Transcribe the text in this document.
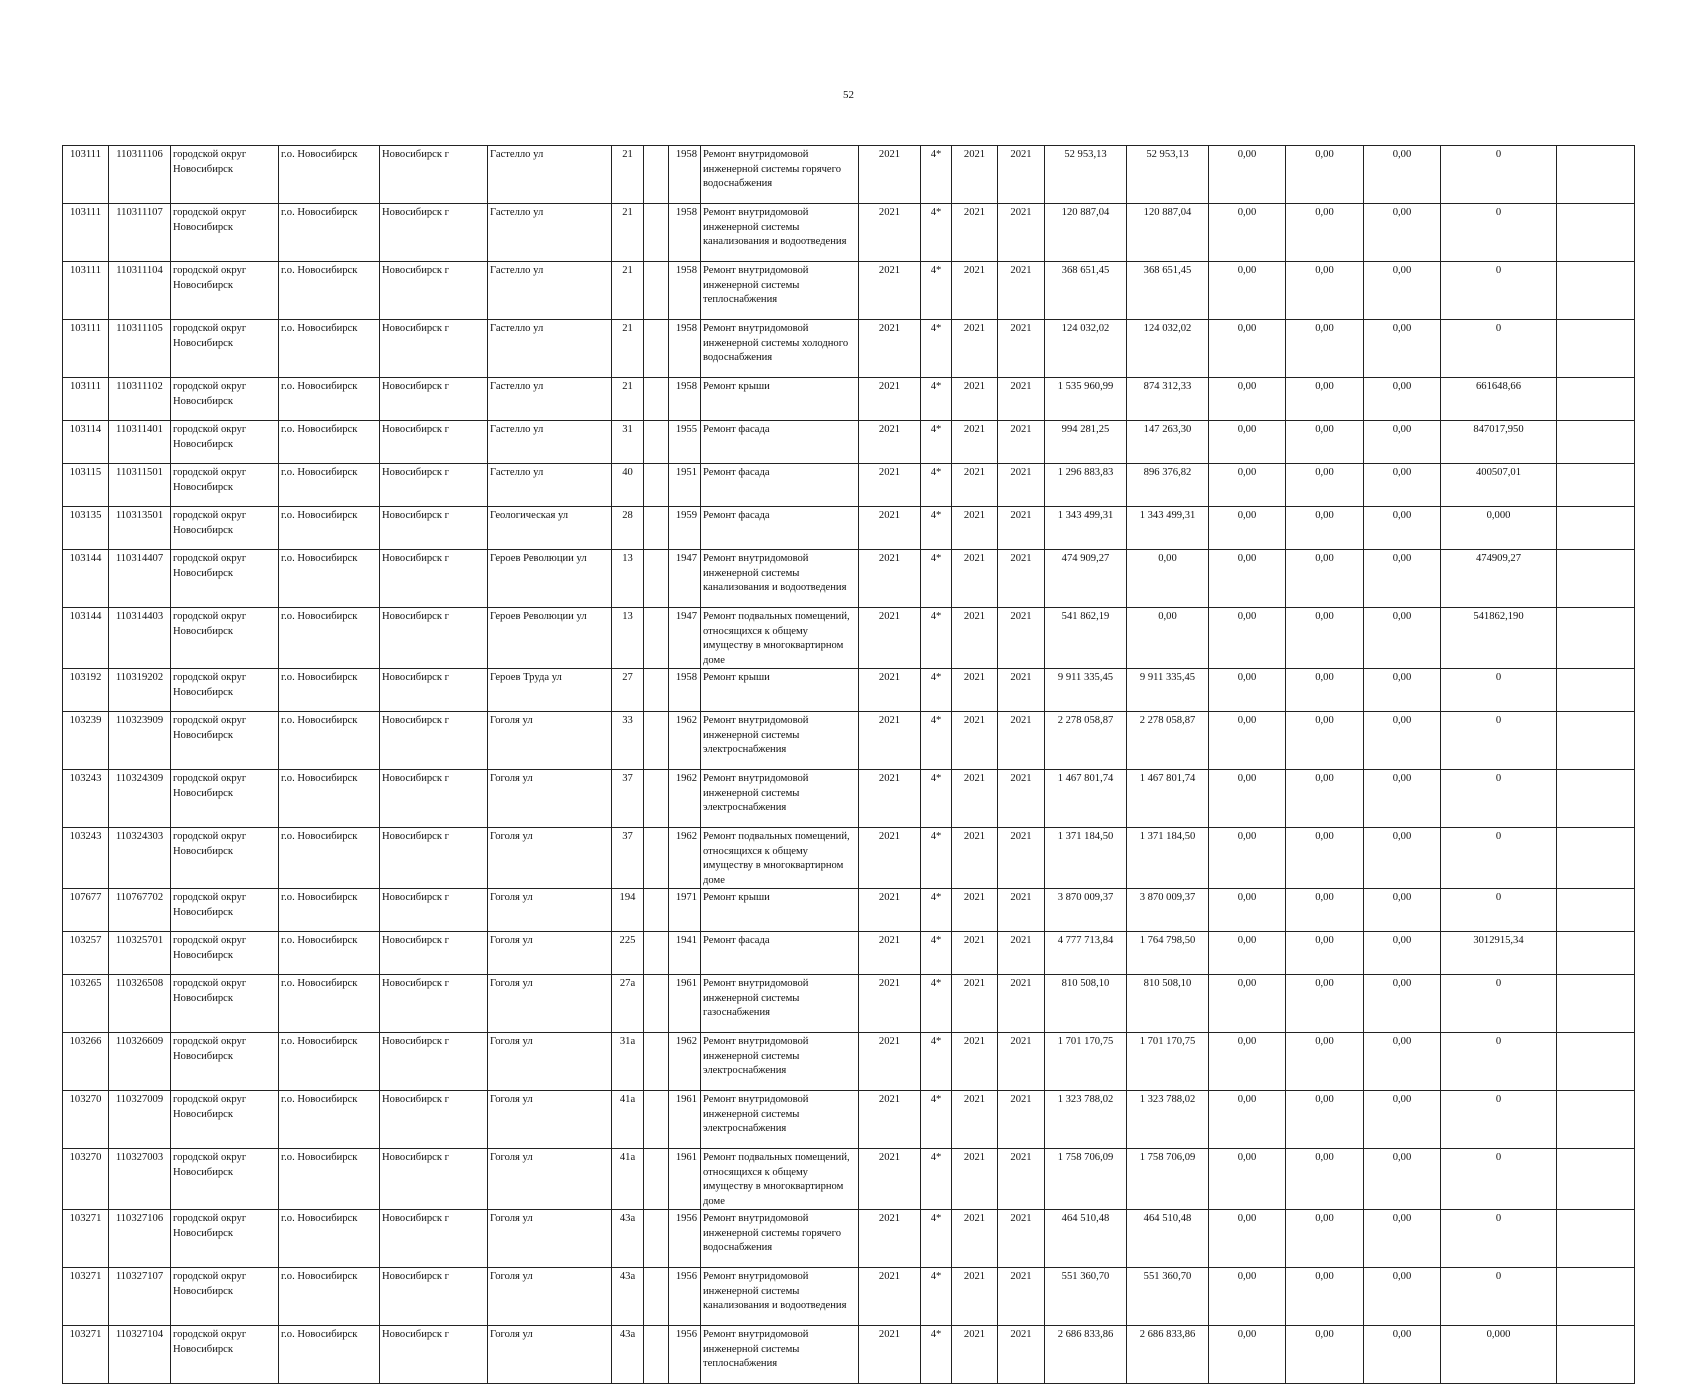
52
103111	110311106	городской округ Новосибирск	г.о. Новосибирск	Новосибирск г	Гастелло ул	21		1958	Ремонт внутридомовой инженерной системы горячего водоснабжения	2021	4*	2021	2021	52 953,13	52 953,13	0,00	0,00	0,00	0	
103111	110311107	городской округ Новосибирск	г.о. Новосибирск	Новосибирск г	Гастелло ул	21		1958	Ремонт внутридомовой инженерной системы канализования и водоотведения	2021	4*	2021	2021	120 887,04	120 887,04	0,00	0,00	0,00	0	
103111	110311104	городской округ Новосибирск	г.о. Новосибирск	Новосибирск г	Гастелло ул	21		1958	Ремонт внутридомовой инженерной системы теплоснабжения	2021	4*	2021	2021	368 651,45	368 651,45	0,00	0,00	0,00	0	
103111	110311105	городской округ Новосибирск	г.о. Новосибирск	Новосибирск г	Гастелло ул	21		1958	Ремонт внутридомовой инженерной системы холодного водоснабжения	2021	4*	2021	2021	124 032,02	124 032,02	0,00	0,00	0,00	0	
103111	110311102	городской округ Новосибирск	г.о. Новосибирск	Новосибирск г	Гастелло ул	21		1958	Ремонт крыши	2021	4*	2021	2021	1 535 960,99	874 312,33	0,00	0,00	0,00	661648,66	
103114	110311401	городской округ Новосибирск	г.о. Новосибирск	Новосибирск г	Гастелло ул	31		1955	Ремонт фасада	2021	4*	2021	2021	994 281,25	147 263,30	0,00	0,00	0,00	847017,950	
103115	110311501	городской округ Новосибирск	г.о. Новосибирск	Новосибирск г	Гастелло ул	40		1951	Ремонт фасада	2021	4*	2021	2021	1 296 883,83	896 376,82	0,00	0,00	0,00	400507,01	
103135	110313501	городской округ Новосибирск	г.о. Новосибирск	Новосибирск г	Геологическая ул	28		1959	Ремонт фасада	2021	4*	2021	2021	1 343 499,31	1 343 499,31	0,00	0,00	0,00	0,000	
103144	110314407	городской округ Новосибирск	г.о. Новосибирск	Новосибирск г	Героев Революции ул	13		1947	Ремонт внутридомовой инженерной системы канализования и водоотведения	2021	4*	2021	2021	474 909,27	0,00	0,00	0,00	0,00	474909,27	
103144	110314403	городской округ Новосибирск	г.о. Новосибирск	Новосибирск г	Героев Революции ул	13		1947	Ремонт подвальных помещений, относящихся к общему имуществу в многоквартирном доме	2021	4*	2021	2021	541 862,19	0,00	0,00	0,00	0,00	541862,190	
103192	110319202	городской округ Новосибирск	г.о. Новосибирск	Новосибирск г	Героев Труда ул	27		1958	Ремонт крыши	2021	4*	2021	2021	9 911 335,45	9 911 335,45	0,00	0,00	0,00	0	
103239	110323909	городской округ Новосибирск	г.о. Новосибирск	Новосибирск г	Гоголя ул	33		1962	Ремонт внутридомовой инженерной системы электроснабжения	2021	4*	2021	2021	2 278 058,87	2 278 058,87	0,00	0,00	0,00	0	
103243	110324309	городской округ Новосибирск	г.о. Новосибирск	Новосибирск г	Гоголя ул	37		1962	Ремонт внутридомовой инженерной системы электроснабжения	2021	4*	2021	2021	1 467 801,74	1 467 801,74	0,00	0,00	0,00	0	
103243	110324303	городской округ Новосибирск	г.о. Новосибирск	Новосибирск г	Гоголя ул	37		1962	Ремонт подвальных помещений, относящихся к общему имуществу в многоквартирном доме	2021	4*	2021	2021	1 371 184,50	1 371 184,50	0,00	0,00	0,00	0	
107677	110767702	городской округ Новосибирск	г.о. Новосибирск	Новосибирск г	Гоголя ул	194		1971	Ремонт крыши	2021	4*	2021	2021	3 870 009,37	3 870 009,37	0,00	0,00	0,00	0	
103257	110325701	городской округ Новосибирск	г.о. Новосибирск	Новосибирск г	Гоголя ул	225		1941	Ремонт фасада	2021	4*	2021	2021	4 777 713,84	1 764 798,50	0,00	0,00	0,00	3012915,34	
103265	110326508	городской округ Новосибирск	г.о. Новосибирск	Новосибирск г	Гоголя ул	27а		1961	Ремонт внутридомовой инженерной системы газоснабжения	2021	4*	2021	2021	810 508,10	810 508,10	0,00	0,00	0,00	0	
103266	110326609	городской округ Новосибирск	г.о. Новосибирск	Новосибирск г	Гоголя ул	31а		1962	Ремонт внутридомовой инженерной системы электроснабжения	2021	4*	2021	2021	1 701 170,75	1 701 170,75	0,00	0,00	0,00	0	
103270	110327009	городской округ Новосибирск	г.о. Новосибирск	Новосибирск г	Гоголя ул	41а		1961	Ремонт внутридомовой инженерной системы электроснабжения	2021	4*	2021	2021	1 323 788,02	1 323 788,02	0,00	0,00	0,00	0	
103270	110327003	городской округ Новосибирск	г.о. Новосибирск	Новосибирск г	Гоголя ул	41а		1961	Ремонт подвальных помещений, относящихся к общему имуществу в многоквартирном доме	2021	4*	2021	2021	1 758 706,09	1 758 706,09	0,00	0,00	0,00	0	
103271	110327106	городской округ Новосибирск	г.о. Новосибирск	Новосибирск г	Гоголя ул	43а		1956	Ремонт внутридомовой инженерной системы горячего водоснабжения	2021	4*	2021	2021	464 510,48	464 510,48	0,00	0,00	0,00	0	
103271	110327107	городской округ Новосибирск	г.о. Новосибирск	Новосибирск г	Гоголя ул	43а		1956	Ремонт внутридомовой инженерной системы канализования и водоотведения	2021	4*	2021	2021	551 360,70	551 360,70	0,00	0,00	0,00	0	
103271	110327104	городской округ Новосибирск	г.о. Новосибирск	Новосибирск г	Гоголя ул	43а		1956	Ремонт внутридомовой инженерной системы теплоснабжения	2021	4*	2021	2021	2 686 833,86	2 686 833,86	0,00	0,00	0,00	0,000	
